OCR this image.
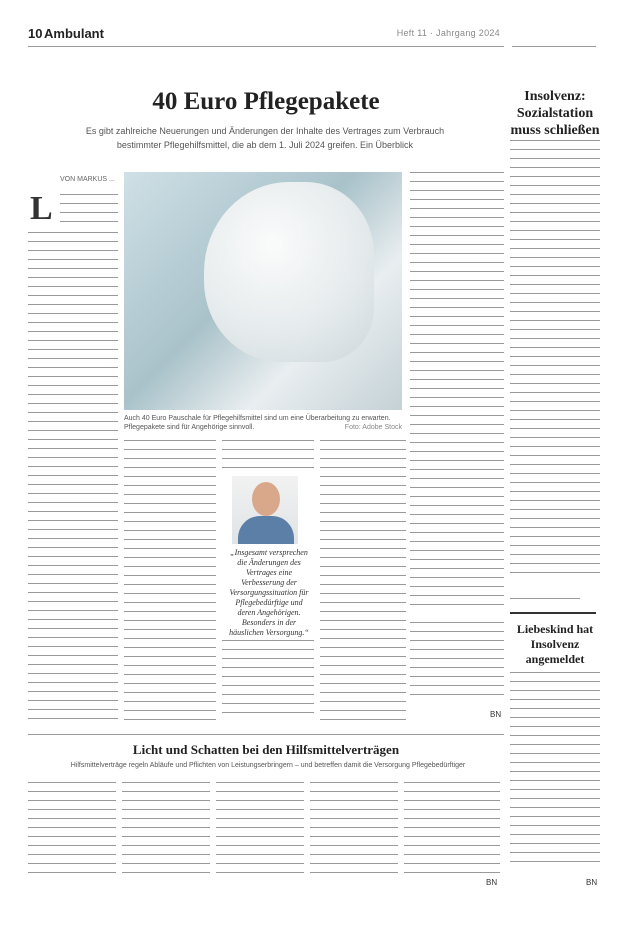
10 Ambulant	Heft 11 · Jahrgang 2024
40 Euro Pflegepakete
Es gibt zahlreiche Neuerungen und Änderungen der Inhalte des Vertrages zum Verbrauch bestimmter Pflegehilfsmittel, die ab dem 1. Juli 2024 greifen. Ein Überblick
VON MARKUS ...
L
Auch 40 Euro Pauschale für Pflegehilfsmittel sind um eine Überarbeitung zu erwarten. Pflegepakete sind für Angehörige sinnvoll.	Foto: Adobe Stock
„Insgesamt versprechen die Änderungen des Vertrages eine Verbesserung der Versorgungssituation für Pflegebedürftige und deren Angehörigen. Besonders in der häuslichen Versorgung.“

BN
Insolvenz: Sozialstation muss schließen
Liebeskind hat Insolvenz angemeldet
BN
Licht und Schatten bei den Hilfsmittelverträgen
Hilfsmittelverträge regeln Abläufe und Pflichten von Leistungserbringern – und betreffen damit die Versorgung Pflegebedürftiger
BN
